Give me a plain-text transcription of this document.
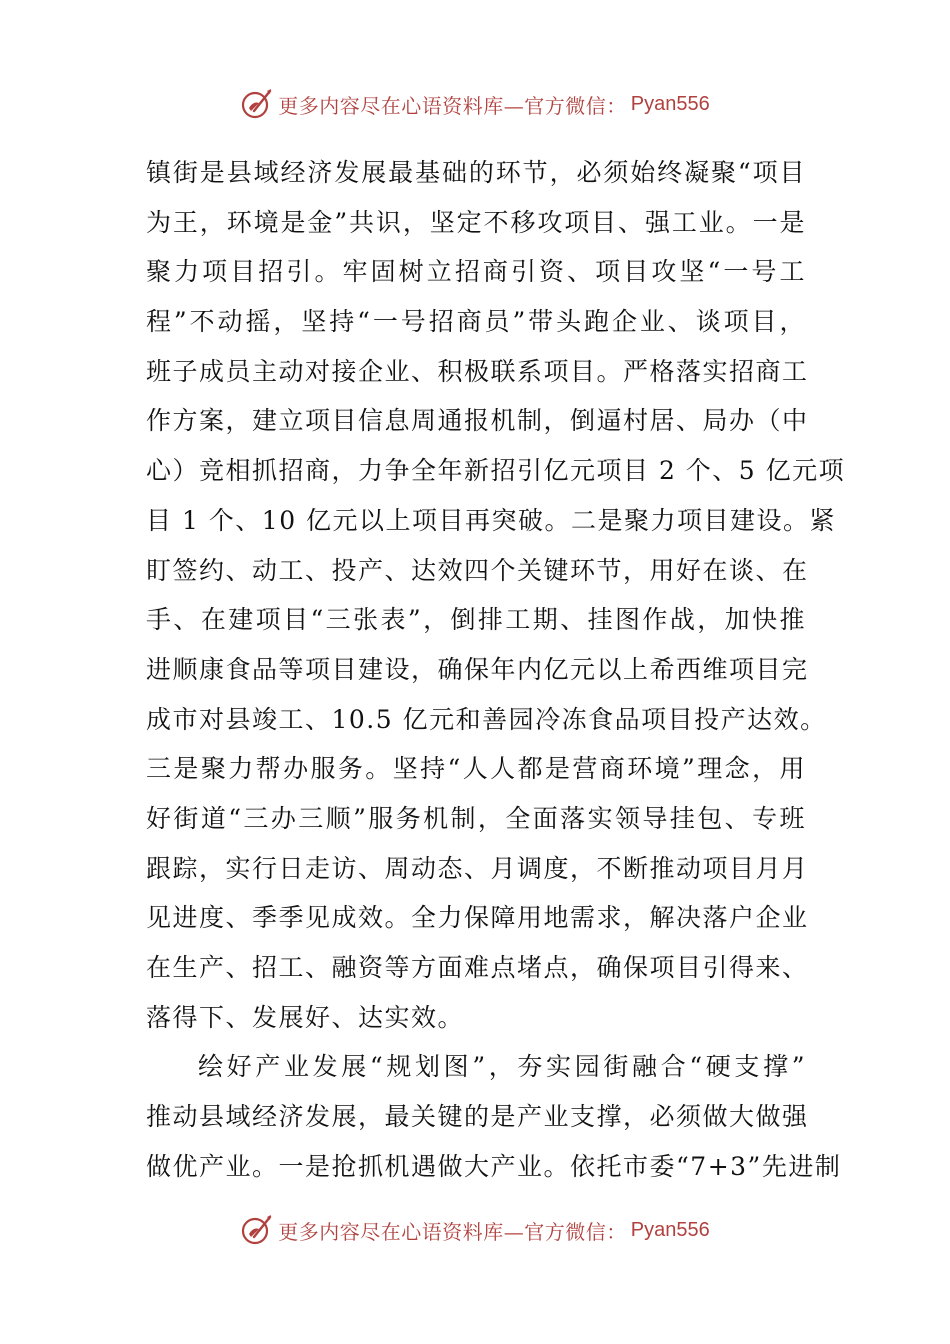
更多内容尽在心语资料库—官方微信： Pyan556
镇街是县域经济发展最基础的环节，必须始终凝聚“项目
为王，环境是金”共识，坚定不移攻项目、强工业。一是
聚力项目招引。牢固树立招商引资、项目攻坚“一号工
程”不动摇，坚持“一号招商员”带头跑企业、谈项目，
班子成员主动对接企业、积极联系项目。严格落实招商工
作方案，建立项目信息周通报机制，倒逼村居、局办（中
心）竞相抓招商，力争全年新招引亿元项目 2 个、5 亿元项
目 1 个、10 亿元以上项目再突破。二是聚力项目建设。紧
盯签约、动工、投产、达效四个关键环节，用好在谈、在
手、在建项目“三张表”，倒排工期、挂图作战，加快推
进顺康食品等项目建设，确保年内亿元以上希西维项目完
成市对县竣工、10.5 亿元和善园冷冻食品项目投产达效。
三是聚力帮办服务。坚持“人人都是营商环境”理念，用
好街道“三办三顺”服务机制，全面落实领导挂包、专班
跟踪，实行日走访、周动态、月调度，不断推动项目月月
见进度、季季见成效。全力保障用地需求，解决落户企业
在生产、招工、融资等方面难点堵点，确保项目引得来、
落得下、发展好、达实效。
绘好产业发展“规划图”，夯实园街融合“硬支撑”
推动县域经济发展，最关键的是产业支撑，必须做大做强
做优产业。一是抢抓机遇做大产业。依托市委“7+3”先进制
更多内容尽在心语资料库—官方微信： Pyan556
